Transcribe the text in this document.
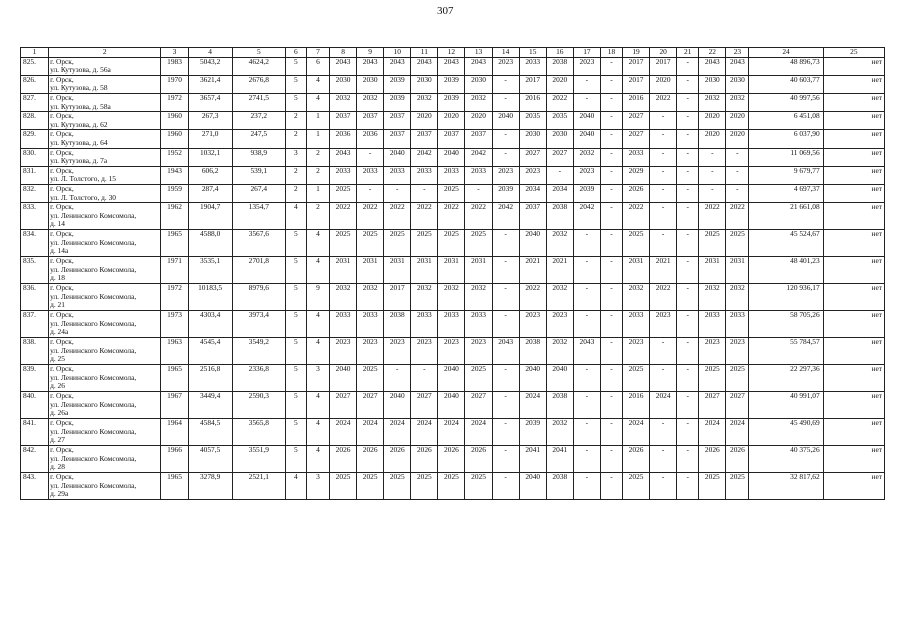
307
1	2	3	4	5	6	7	8	9	10	11	12	13	14	15	16	17	18	19	20	21	22	23	24	25
825.	г. Орск,
ул. Кутузова, д. 56а	1983	5043,2	4624,2	5	6	2043	2043	2043	2043	2043	2043	2023	2033	2038	2023	-	2017	2017	-	2043	2043	48 896,73	нет
826.	г. Орск,
ул. Кутузова, д. 58	1970	3621,4	2676,8	5	4	2030	2030	2039	2030	2039	2030	-	2017	2020	-	-	2017	2020	-	2030	2030	40 603,77	нет
827.	г. Орск,
ул. Кутузова, д. 58а	1972	3657,4	2741,5	5	4	2032	2032	2039	2032	2039	2032	-	2016	2022	-	-	2016	2022	-	2032	2032	40 997,56	нет
828.	г. Орск,
ул. Кутузова, д. 62	1960	267,3	237,2	2	1	2037	2037	2037	2020	2020	2020	2040	2035	2035	2040	-	2027	-	-	2020	2020	6 451,08	нет
829.	г. Орск,
ул. Кутузова, д. 64	1960	271,0	247,5	2	1	2036	2036	2037	2037	2037	2037	-	2030	2030	2040	-	2027	-	-	2020	2020	6 037,90	нет
830.	г. Орск,
ул. Кутузова, д. 7а	1952	1032,1	938,9	3	2	2043	-	2040	2042	2040	2042	-	2027	2027	2032	-	2033	-	-	-	-	11 069,56	нет
831.	г. Орск,
ул. Л. Толстого, д. 15	1943	606,2	539,1	2	2	2033	2033	2033	2033	2033	2033	2023	2023	-	2023	-	2029	-	-	-	-	9 679,77	нет
832.	г. Орск,
ул. Л. Толстого, д. 30	1959	287,4	267,4	2	1	2025	-	-	-	2025	-	2039	2034	2034	2039	-	2026	-	-	-	-	4 697,37	нет
833.	г. Орск,
ул. Ленинского Комсомола,
д. 14	1962	1904,7	1354,7	4	2	2022	2022	2022	2022	2022	2022	2042	2037	2038	2042	-	2022	-	-	2022	2022	21 661,08	нет
834.	г. Орск,
ул. Ленинского Комсомола,
д. 14а	1965	4588,0	3567,6	5	4	2025	2025	2025	2025	2025	2025	-	2040	2032	-	-	2025	-	-	2025	2025	45 524,67	нет
835.	г. Орск,
ул. Ленинского Комсомола,
д. 18	1971	3535,1	2701,8	5	4	2031	2031	2031	2031	2031	2031	-	2021	2021	-	-	2031	2021	-	2031	2031	48 401,23	нет
836.	г. Орск,
ул. Ленинского Комсомола,
д. 21	1972	10183,5	8979,6	5	9	2032	2032	2017	2032	2032	2032	-	2022	2032	-	-	2032	2022	-	2032	2032	120 936,17	нет
837.	г. Орск,
ул. Ленинского Комсомола,
д. 24а	1973	4303,4	3973,4	5	4	2033	2033	2038	2033	2033	2033	-	2023	2023	-	-	2033	2023	-	2033	2033	58 705,26	нет
838.	г. Орск,
ул. Ленинского Комсомола,
д. 25	1963	4545,4	3549,2	5	4	2023	2023	2023	2023	2023	2023	2043	2038	2032	2043	-	2023	-	-	2023	2023	55 784,57	нет
839.	г. Орск,
ул. Ленинского Комсомола,
д. 26	1965	2516,8	2336,8	5	3	2040	2025	-	-	2040	2025	-	2040	2040	-	-	2025	-	-	2025	2025	22 297,36	нет
840.	г. Орск,
ул. Ленинского Комсомола,
д. 26а	1967	3449,4	2590,3	5	4	2027	2027	2040	2027	2040	2027	-	2024	2038	-	-	2016	2024	-	2027	2027	40 991,07	нет
841.	г. Орск,
ул. Ленинского Комсомола,
д. 27	1964	4584,5	3565,8	5	4	2024	2024	2024	2024	2024	2024	-	2039	2032	-	-	2024	-	-	2024	2024	45 490,69	нет
842.	г. Орск,
ул. Ленинского Комсомола,
д. 28	1966	4057,5	3551,9	5	4	2026	2026	2026	2026	2026	2026	-	2041	2041	-	-	2026	-	-	2026	2026	40 375,26	нет
843.	г. Орск,
ул. Ленинского Комсомола,
д. 29а	1965	3278,9	2521,1	4	3	2025	2025	2025	2025	2025	2025	-	2040	2038	-	-	2025	-	-	2025	2025	32 817,62	нет
